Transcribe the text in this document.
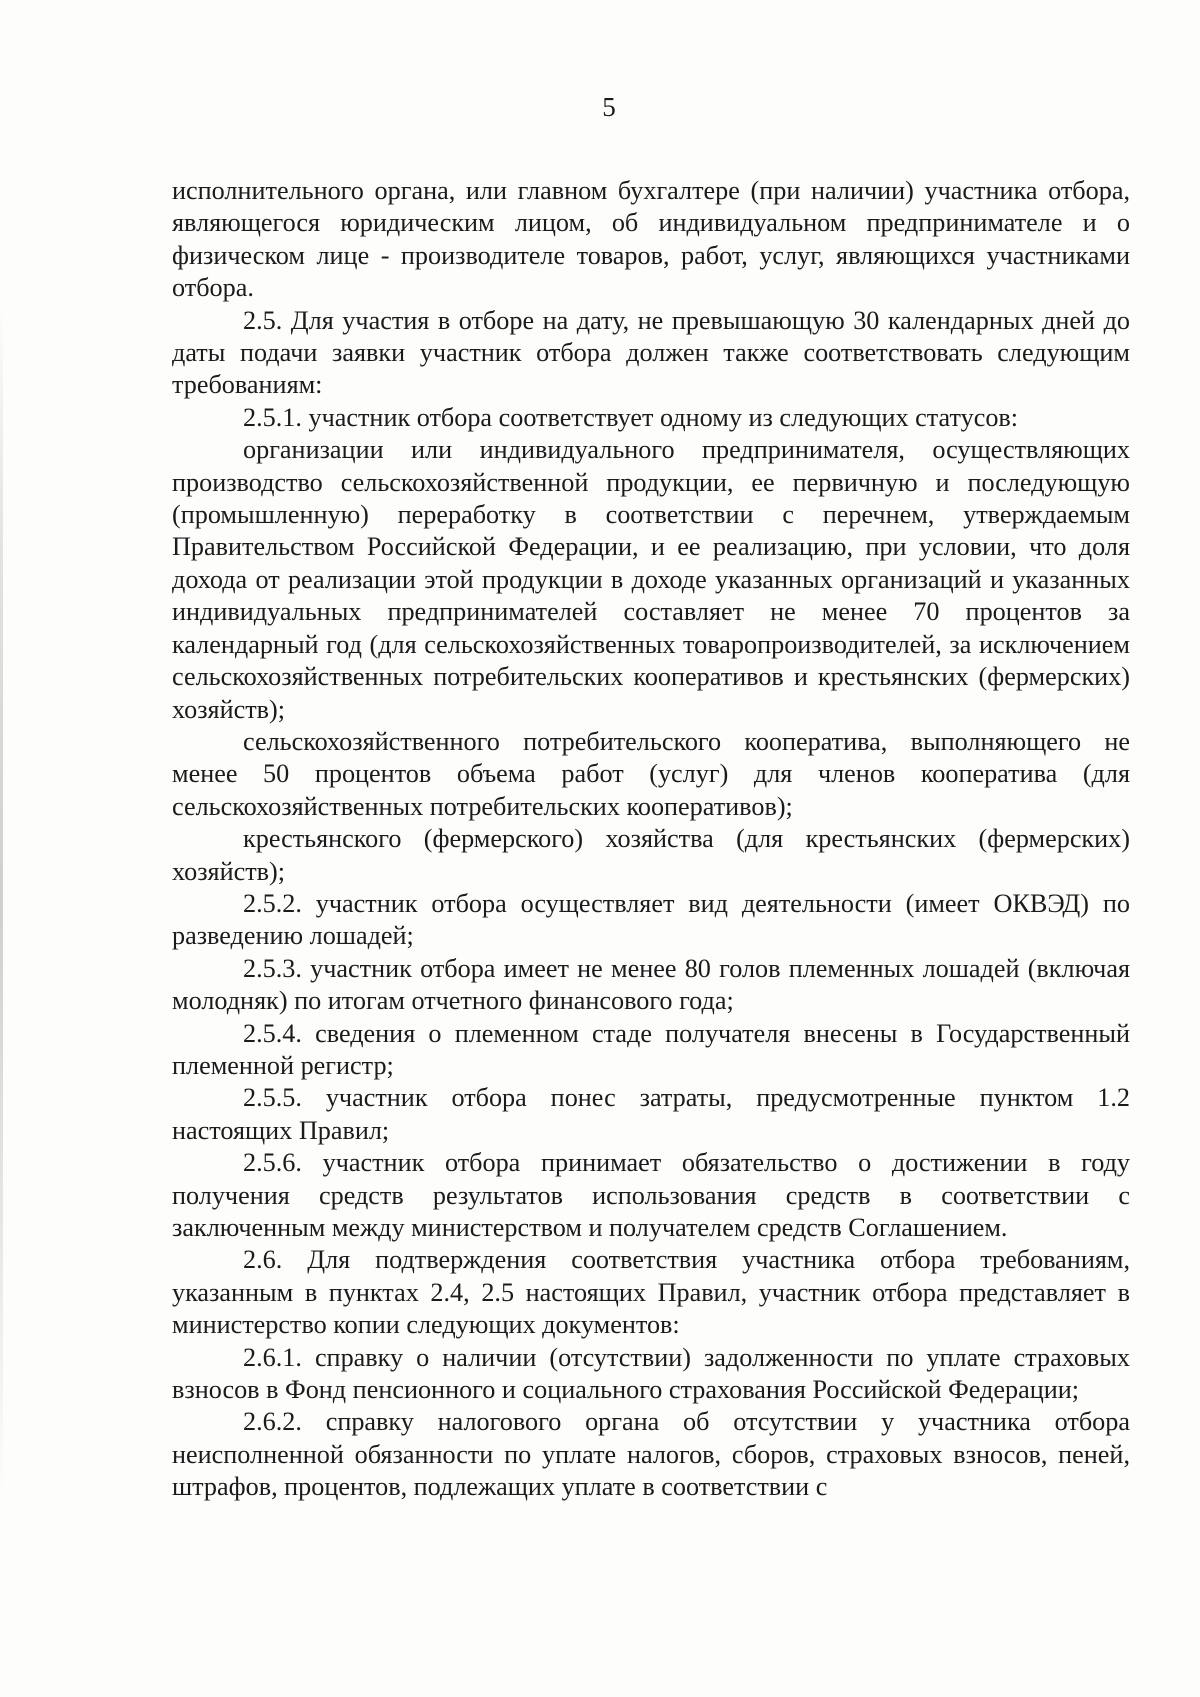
5

исполнительного органа, или главном бухгалтере (при наличии) участника отбора, являющегося юридическим лицом, об индивидуальном предпринимателе и о физическом лице - производителе товаров, работ, услуг, являющихся участниками отбора.

2.5. Для участия в отборе на дату, не превышающую 30 календарных дней до даты подачи заявки участник отбора должен также соответствовать следующим требованиям:

2.5.1. участник отбора соответствует одному из следующих статусов:

организации или индивидуального предпринимателя, осуществляющих производство сельскохозяйственной продукции, ее первичную и последующую (промышленную) переработку в соответствии с перечнем, утверждаемым Правительством Российской Федерации, и ее реализацию, при условии, что доля дохода от реализации этой продукции в доходе указанных организаций и указанных индивидуальных предпринимателей составляет не менее 70 процентов за календарный год (для сельскохозяйственных товаропроизводителей, за исключением сельскохозяйственных потребительских кооперативов и крестьянских (фермерских) хозяйств);

сельскохозяйственного потребительского кооператива, выполняющего не менее 50 процентов объема работ (услуг) для членов кооператива (для сельскохозяйственных потребительских кооперативов);

крестьянского (фермерского) хозяйства (для крестьянских (фермерских) хозяйств);

2.5.2. участник отбора осуществляет вид деятельности (имеет ОКВЭД) по разведению лошадей;

2.5.3. участник отбора имеет не менее 80 голов племенных лошадей (включая молодняк) по итогам отчетного финансового года;

2.5.4. сведения о племенном стаде получателя внесены в Государственный племенной регистр;

2.5.5. участник отбора понес затраты, предусмотренные пунктом 1.2 настоящих Правил;

2.5.6. участник отбора принимает обязательство о достижении в году получения средств результатов использования средств в соответствии с заключенным между министерством и получателем средств Соглашением.

2.6. Для подтверждения соответствия участника отбора требованиям, указанным в пунктах 2.4, 2.5 настоящих Правил, участник отбора представляет в министерство копии следующих документов:

2.6.1. справку о наличии (отсутствии) задолженности по уплате страховых взносов в Фонд пенсионного и социального страхования Российской Федерации;

2.6.2. справку налогового органа об отсутствии у участника отбора неисполненной обязанности по уплате налогов, сборов, страховых взносов, пеней, штрафов, процентов, подлежащих уплате в соответствии с
